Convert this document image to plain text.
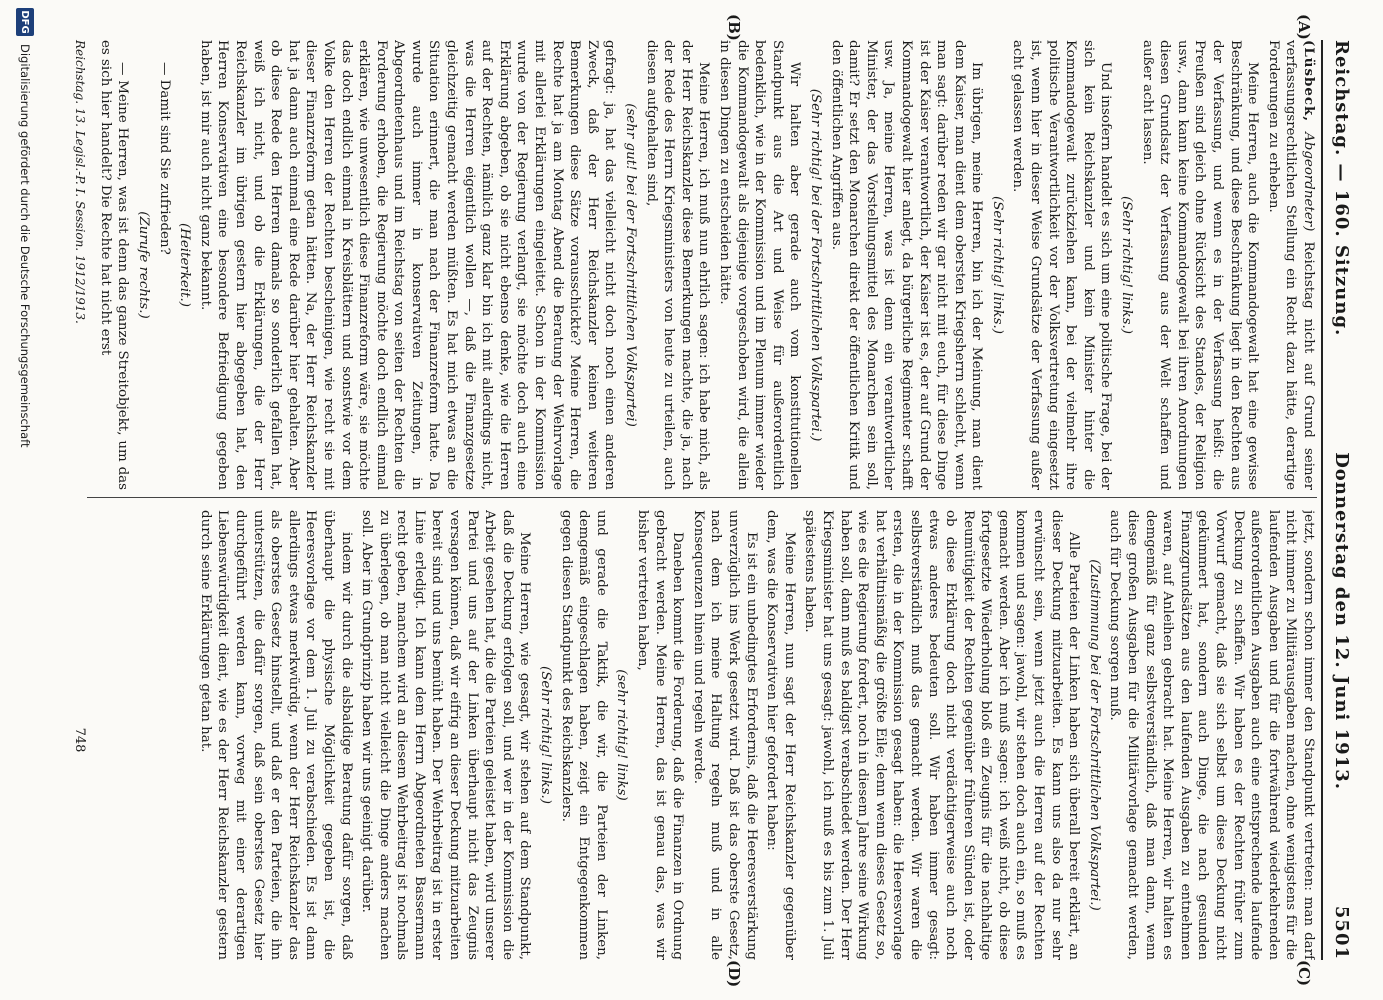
Reichstag. — 160. Sitzung.
Donnerstag den 12. Juni 1913.
5501
(A)
(B)
(C)
(D)

(Lüsbeck, Abgeordneter) Reichstag nicht auf Grund seiner verfassungsrechtlichen Stellung ein Recht dazu hätte, derartige Forderungen zu erheben.

Meine Herren, auch die Kommandogewalt hat eine gewisse Beschränkung, und diese Beschränkung liegt in den Rechten aus der Verfassung, und wenn es in der Verfassung heißt: die Preußen sind gleich ohne Rücksicht des Standes, der Religion usw., dann kann keine Kommandogewalt bei ihren Anordnungen diesen Grundsatz der Verfassung aus der Welt schaffen und außer acht lassen.

(Sehr richtig! links.)

Und insofern handelt es sich um eine politische Frage, bei der sich kein Reichskanzler und kein Minister hinter die Kommandogewalt zurückziehen kann, bei der vielmehr ihre politische Verantwortlichkeit vor der Volksvertretung eingesetzt ist, wenn hier in dieser Weise Grundsätze der Verfassung außer acht gelassen werden.

(Sehr richtig! links.)

Im übrigen, meine Herren, bin ich der Meinung, man dient dem Kaiser, man dient dem obersten Kriegsherrn schlecht, wenn man sagt: darüber reden wir gar nicht mit euch, für diese Dinge ist der Kaiser verantwortlich, der Kaiser ist es, der auf Grund der Kommandogewalt hier anlegt, da bürgerliche Regimenter schafft usw. Ja, meine Herren, was ist denn ein verantwortlicher Minister, der das Vorstellungsmittel des Monarchen sein soll, damit? Er setzt den Monarchen direkt der öffentlichen Kritik und den öffentlichen Angriffen aus.

(Sehr richtig! bei der Fortschrittlichen Volkspartei.)

Wir halten aber gerade auch vom konstitutionellen Standpunkt aus die Art und Weise für außerordentlich bedenklich, wie in der Kommission und im Plenum immer wieder die Kommandogewalt als diejenige vorgeschoben wird, die allein in diesen Dingen zu entscheiden hätte.

Meine Herren, ich muß nun ehrlich sagen: ich habe mich, als der Herr Reichskanzler diese Bemerkungen machte, die ja, nach der Rede des Herrn Kriegsministers von heute zu urteilen, auch diesen aufgehalten sind,

(sehr gut! bei der Fortschrittlichen Volkspartei)

gefragt: ja, hat das vielleicht nicht doch noch einen anderen Zweck, daß der Herr Reichskanzler keinen weiteren Bemerkungen diese Sätze vorausschickte? Meine Herren, die Rechte hat ja am Montag Abend die Beratung der Wehrvorlage mit allerlei Erklärungen eingeleitet. Schon in der Kommission wurde von der Regierung verlangt, sie möchte doch auch eine Erklärung abgeben, ob sie nicht ebenso denke, wie die Herren auf der Rechten, nämlich ganz klar bin ich mit allerdings nicht, was die Herren eigentlich wollen —, daß die Finanzgesetze gleichzeitig gemacht werden müßten. Es hat mich etwas an die Situation erinnert, die man nach der Finanzreform hatte. Da wurde auch immer in konservativen Zeitungen, in Abgeordnetenhaus und im Reichstag von seiten der Rechten die Forderung erhoben, die Regierung möchte doch endlich einmal erklären, wie unwesentlich diese Finanzreform wäre, sie möchte das doch endlich einmal in Kreisblättern und sonstwie vor dem Volke den Herren der Rechten bescheinigen, wie recht sie mit dieser Finanzreform getan hätten. Na, der Herr Reichskanzler hat ja dann auch einmal eine Rede darüber hier gehalten. Aber ob diese Rede den Herren damals so sonderlich gefallen hat, weiß ich nicht, und ob die Erklärungen, die der Herr Reichskanzler im übrigen gestern hier abgegeben hat, den Herren Konservativen eine besondere Befriedigung gegeben haben, ist mir auch nicht ganz bekannt.

(Heiterkeit.)

— Damit sind Sie zufrieden?

(Zurufe rechts.)

— Meine Herren, was ist denn das ganze Streitobjekt, um das es sich hier handelt? Die Rechte hat nicht erst

jetzt, sondern schon immer den Standpunkt vertreten: man darf nicht immer zu Militärausgaben machen, ohne wenigstens für die laufenden Ausgaben und für die fortwährend wiederkehrenden außerordentlichen Ausgaben auch eine entsprechende laufende Deckung zu schaffen. Wir haben es der Rechten früher zum Vorwurf gemacht, daß sie sich selbst um diese Deckung nicht gekümmert hat, sondern auch Dinge, die nach gesunden Finanzgrundsätzen aus den laufenden Ausgaben zu entnehmen waren, auf Anleihen gebracht hat. Meine Herren, wir halten es demgemäß für ganz selbstverständlich, daß man dann, wenn diese großen Ausgaben für die Militärvorlage gemacht werden, auch für Deckung sorgen muß.

(Zustimmung bei der Fortschrittlichen Volkspartei.)

Alle Parteien der Linken haben sich überall bereit erklärt, an dieser Deckung mitzuarbeiten. Es kann uns also da nur sehr erwünscht sein, wenn jetzt auch die Herren auf der Rechten kommen und sagen: jawohl, wir stehen doch auch ein, so muß es gemacht werden. Aber ich muß sagen: ich weiß nicht, ob diese fortgesetzte Wiederholung bloß ein Zeugnis für die nachhaltige Reumütigkeit der Rechten gegenüber früheren Sünden ist, oder ob diese Erklärung doch nicht verdächtigerweise auch noch etwas anderes bedeuten soll. Wir haben immer gesagt: selbstverständlich muß das gemacht werden. Wir waren die ersten, die in der Kommission gesagt haben: die Heeresvorlage hat verhältnismäßig die größte Eile; denn wenn dieses Gesetz so, wie es die Regierung fordert, noch in diesem Jahre seine Wirkung haben soll, dann muß es baldigst verabschiedet werden. Der Herr Kriegsminister hat uns gesagt: jawohl, ich muß es bis zum 1. Juli spätestens haben.

Meine Herren, nun sagt der Herr Reichskanzler gegenüber dem, was die Konservativen hier gefordert haben:

Es ist ein unbedingtes Erfordernis, daß die Heeresverstärkung unverzüglich ins Werk gesetzt wird. Daß ist das oberste Gesetz, nach dem ich meine Haltung regeln muß und in alle Konsequenzen hinein und regeln werde.

Daneben kommt die Forderung, daß die Finanzen in Ordnung gebracht werden. Meine Herren, das ist genau das, was wir bisher vertreten haben,

(sehr richtig! links)

und gerade die Taktik, die wir, die Parteien der Linken, demgemäß eingeschlagen haben, zeigt ein Entgegenkommen gegen diesen Standpunkt des Reichskanzlers.

(Sehr richtig! links.)

Meine Herren, wie gesagt, wir stehen auf dem Standpunkt, daß die Deckung erfolgen soll, und wer in der Kommission die Arbeit gesehen hat, die die Parteien geleistet haben, wird unserer Partei und uns auf der Linken überhaupt nicht das Zeugnis versagen können, daß wir eifrig an dieser Deckung mitzuarbeiten bereit sind und uns bemüht haben. Der Wehrbeitrag ist in erster Linie erledigt. Ich kann dem Herrn Abgeordneten Bassermann recht geben, manchem wird an diesem Wehrbeitrag ist nochmals zu überlegen, ob man nicht vielleicht die Dinge anders machen soll. Aber im Grundprinzip haben wir uns geeinigt darüber.

indem wir durch die alsbaldige Beratung dafür sorgen, daß überhaupt die physische Möglichkeit gegeben ist, die Heeresvorlage vor dem 1. Juli zu verabschieden. Es ist dann allerdings etwas merkwürdig, wenn der Herr Reichskanzler das als oberstes Gesetz hinstellt, und daß er den Parteien, die ihn unterstützen, die dafür sorgen, daß sein oberstes Gesetz hier durchgeführt werden kann, vorweg mit einer derartigen Liebenswürdigkeit dient, wie es der Herr Reichskanzler gestern durch seine Erklärungen getan hat.

Reichstag. 13. Legisl.-P. I. Session. 1912/1913.
748
DFG
Digitalisierung gefördert durch die Deutsche Forschungsgemeinschaft
